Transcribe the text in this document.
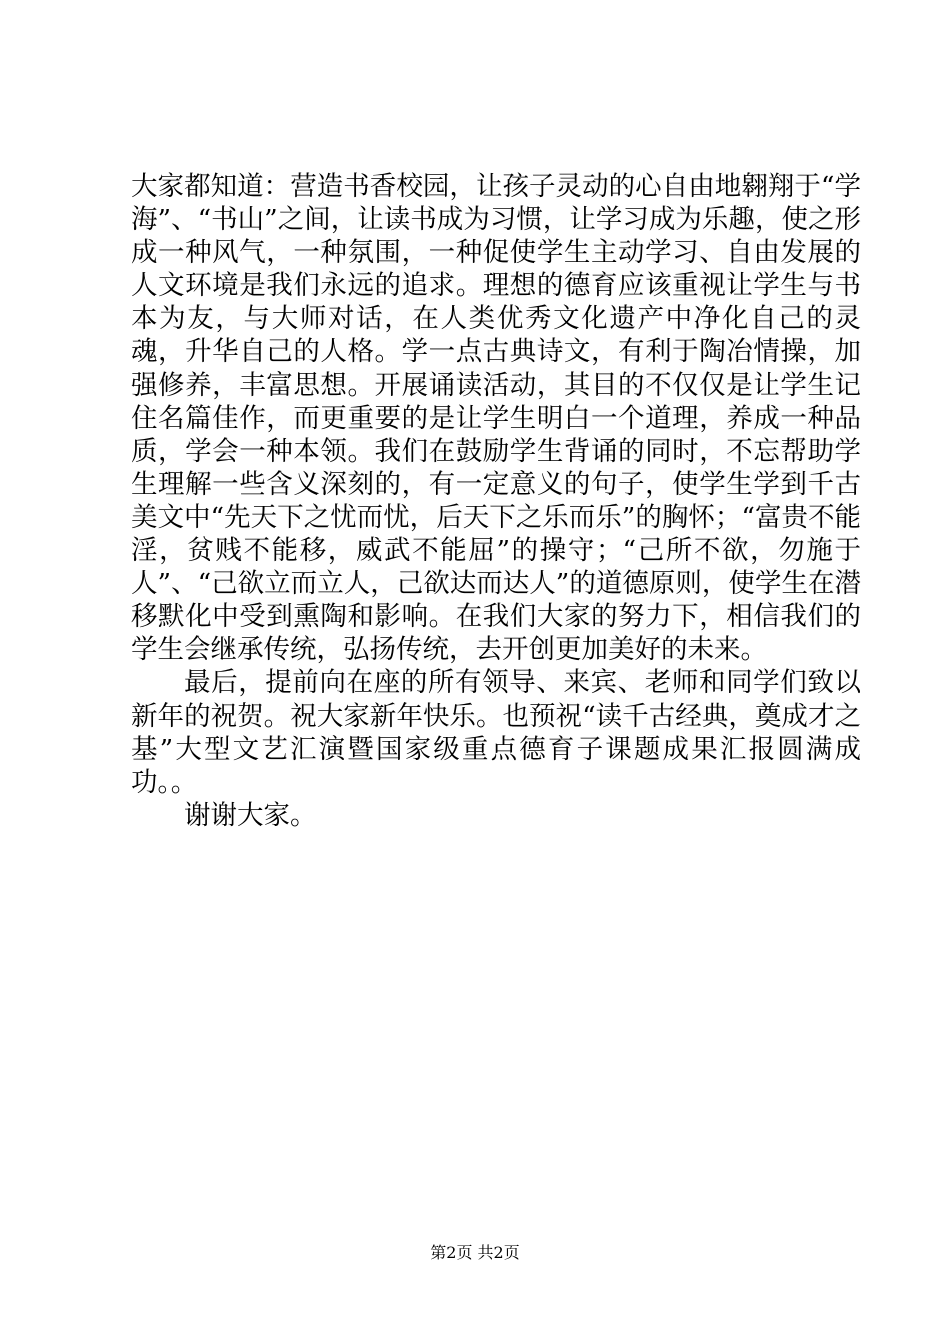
大家都知道：营造书香校园，让孩子灵动的心自由地翱翔于“学海”、“书山”之间，让读书成为习惯，让学习成为乐趣，使之形成一种风气，一种氛围，一种促使学生主动学习、自由发展的人文环境是我们永远的追求。理想的德育应该重视让学生与书本为友，与大师对话，在人类优秀文化遗产中净化自己的灵魂，升华自己的人格。学一点古典诗文，有利于陶冶情操，加强修养，丰富思想。开展诵读活动，其目的不仅仅是让学生记住名篇佳作，而更重要的是让学生明白一个道理，养成一种品质，学会一种本领。我们在鼓励学生背诵的同时，不忘帮助学生理解一些含义深刻的，有一定意义的句子，使学生学到千古美文中“先天下之忧而忧，后天下之乐而乐”的胸怀；“富贵不能淫，贫贱不能移，威武不能屈”的操守；“己所不欲，勿施于人”、“己欲立而立人，己欲达而达人”的道德原则，使学生在潜移默化中受到熏陶和影响。在我们大家的努力下，相信我们的学生会继承传统，弘扬传统，去开创更加美好的未来。

最后，提前向在座的所有领导、来宾、老师和同学们致以新年的祝贺。祝大家新年快乐。也预祝“读千古经典，奠成才之基”大型文艺汇演暨国家级重点德育子课题成果汇报圆满成功。。

谢谢大家。

第2页 共2页
